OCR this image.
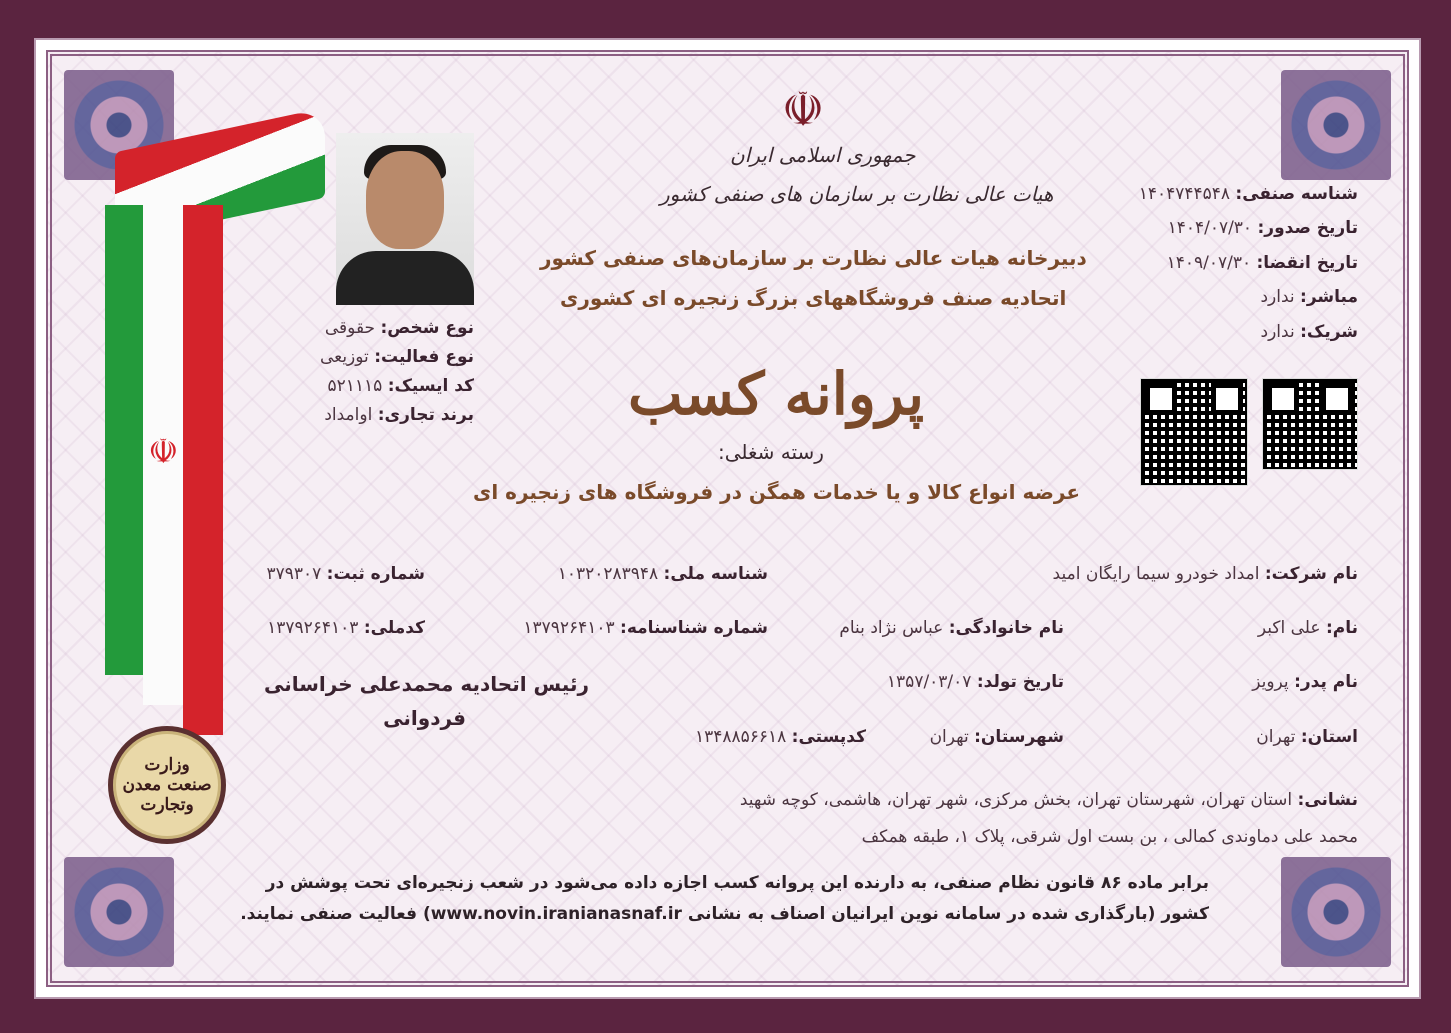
☫
وزارت
صنعت معدن
وتجارت
نوع شخص: حقوقی
نوع فعالیت: توزیعی
کد ایسیک: ۵۲۱۱۱۵
برند تجاری: اوامداد
☫
جمهوری اسلامی ایران
هیات عالی نظارت بر سازمان های صنفی کشور
دبیرخانه هیات عالی نظارت بر سازمان‌های صنفی کشور
اتحادیه صنف فروشگاههای بزرگ زنجیره ای کشوری
پروانه کسب
رسته شغلی:
عرضه انواع کالا و یا خدمات همگن در فروشگاه های زنجیره ای
شناسه صنفی: ۱۴۰۴۷۴۴۵۴۸
تاریخ صدور: ۱۴۰۴/۰۷/۳۰
تاریخ انقضا: ۱۴۰۹/۰۷/۳۰
مباشر: ندارد
شریک: ندارد
نام شرکت: امداد خودرو سیما رایگان امید
شناسه ملی: ۱۰۳۲۰۲۸۳۹۴۸
شماره ثبت: ۳۷۹۳۰۷
نام: علی اکبر
نام خانوادگی: عباس نژاد بنام
شماره شناسنامه: ۱۳۷۹۲۶۴۱۰۳
کدملی: ۱۳۷۹۲۶۴۱۰۳
نام پدر: پرویز
تاریخ تولد: ۱۳۵۷/۰۳/۰۷
رئیس اتحادیه محمدعلی خراسانی
فردوانی
استان: تهران
شهرستان: تهران
کدپستی: ۱۳۴۸۸۵۶۶۱۸
نشانی: استان تهران، شهرستان تهران، بخش مرکزی، شهر تهران، هاشمی، کوچه شهید
محمد علی دماوندی کمالی ، بن بست اول شرقی، پلاک ۱، طبقه همکف
برابر ماده ۸۶ قانون نظام صنفی، به دارنده این پروانه کسب اجازه داده می‌شود در شعب زنجیره‌ای تحت پوشش در
کشور (بارگذاری شده در سامانه نوین ایرانیان اصناف به نشانی www.novin.iranianasnaf.ir) فعالیت صنفی نمایند.
